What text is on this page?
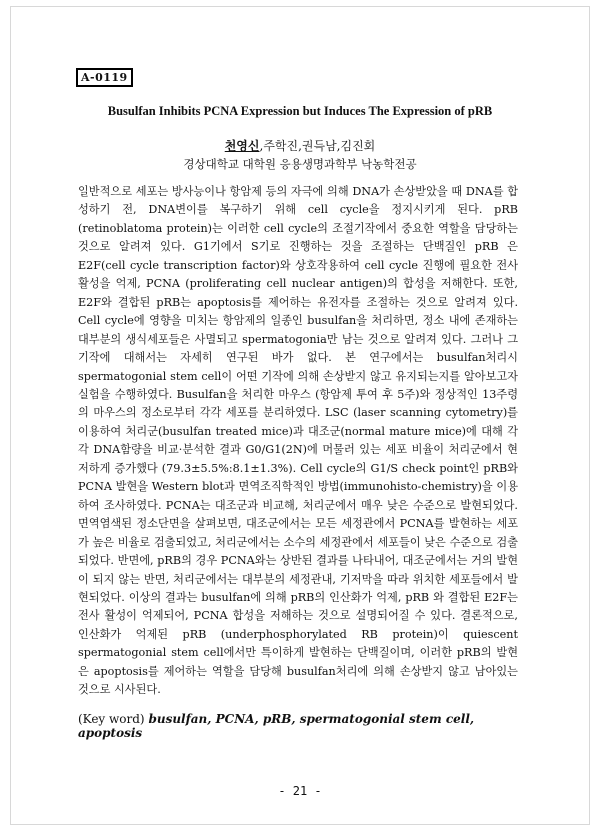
A-0119
Busulfan Inhibits PCNA Expression but Induces The Expression of pRB
천영신,주학진,권득남,김진회
경상대학교 대학원 응용생명과학부 낙농학전공
일반적으로 세포는 방사능이나 항암제 등의 자극에 의해 DNA가 손상받았을 때 DNA를 합성하기 전, DNA변이를 복구하기 위해 cell cycle을 정지시키게 된다. pRB (retinoblatoma protein)는 이러한 cell cycle의 조절기작에서 중요한 역할을 담당하는 것으로 알려져 있다. G1기에서 S기로 진행하는 것을 조절하는 단백질인 pRB 은 E2F(cell cycle transcription factor)와 상호작용하여 cell cycle 진행에 필요한 전사 활성을 억제, PCNA (proliferating cell nuclear antigen)의 합성을 저해한다. 또한, E2F와 결합된 pRB는 apoptosis를 제어하는 유전자를 조절하는 것으로 알려져 있다. Cell cycle에 영향을 미치는 항암제의 일종인 busulfan을 처리하면, 정소 내에 존재하는 대부분의 생식세포들은 사멸되고 spermatogonia만 남는 것으로 알려져 있다. 그러나 그 기작에 대해서는 자세히 연구된 바가 없다. 본 연구에서는 busulfan처리시 spermatogonial stem cell이 어떤 기작에 의해 손상받지 않고 유지되는지를 알아보고자 실험을 수행하였다. Busulfan을 처리한 마우스 (항암제 투여 후 5주)와 정상적인 13주령의 마우스의 정소로부터 각각 세포를 분리하였다. LSC (laser scanning cytometry)를 이용하여 처리군(busulfan treated mice)과 대조군(normal mature mice)에 대해 각각 DNA함량을 비교·분석한 결과 G0/G1(2N)에 머물러 있는 세포 비율이 처리군에서 현저하게 증가했다 (79.3±5.5%:8.1±1.3%). Cell cycle의 G1/S check point인 pRB와 PCNA 발현을 Western blot과 면역조직학적인 방법(immunohisto-chemistry)을 이용하여 조사하였다. PCNA는 대조군과 비교해, 처리군에서 매우 낮은 수준으로 발현되었다. 면역염색된 정소단면을 살펴보면, 대조군에서는 모든 세정관에서 PCNA를 발현하는 세포가 높은 비율로 검출되었고, 처리군에서는 소수의 세정관에서 세포들이 낮은 수준으로 검출되었다. 반면에, pRB의 경우 PCNA와는 상반된 결과를 나타내어, 대조군에서는 거의 발현이 되지 않는 반면, 처리군에서는 대부분의 세정관내, 기저막을 따라 위치한 세포들에서 발현되었다. 이상의 결과는 busulfan에 의해 pRB의 인산화가 억제, pRB 와 결합된 E2F는 전사 활성이 억제되어, PCNA 합성을 저해하는 것으로 설명되어질 수 있다. 결론적으로, 인산화가 억제된 pRB (underphosphorylated RB protein)이 quiescent spermatogonial stem cell에서만 특이하게 발현하는 단백질이며, 이러한 pRB의 발현은 apoptosis를 제어하는 역할을 담당해 busulfan처리에 의해 손상받지 않고 남아있는 것으로 시사된다.
(Key word) busulfan, PCNA, pRB, spermatogonial stem cell, apoptosis
- 21 -
